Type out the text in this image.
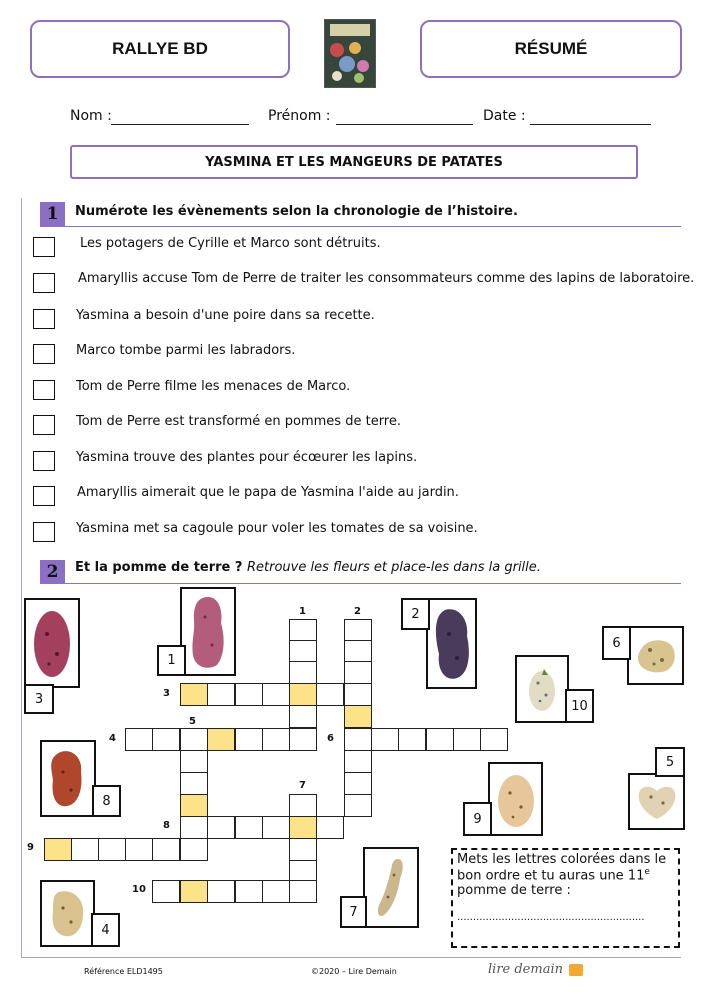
RALLYE BD	RÉSUMÉ
Nom :	Prénom :	Date :
YASMINA ET LES MANGEURS DE PATATES
1	Numérote les évènements selon la chronologie de l’histoire.
Les potagers de Cyrille et Marco sont détruits.
Amaryllis accuse Tom de Perre de traiter les consommateurs comme des lapins de laboratoire.
Yasmina a besoin d'une poire dans sa recette.
Marco tombe parmi les labradors.
Tom de Perre filme les menaces de Marco.
Tom de Perre est transformé en pommes de terre.
Yasmina trouve des plantes pour écœurer les lapins.
Amaryllis aimerait que le papa de Yasmina l'aide au jardin.
Yasmina met sa cagoule pour voler les tomates de sa voisine.
2	Et la pomme de terre ? Retrouve les fleurs et place-les dans la grille.
1	2
3
4
5
6
7
8
9
10
3
1
2
6
10
8
9
5
7
4
Mets les lettres colorées dans le bon ordre et tu auras une 11e pomme de terre :
...........................................................
Référence ELD1495	©2020 – Lire Demain	lire demain
